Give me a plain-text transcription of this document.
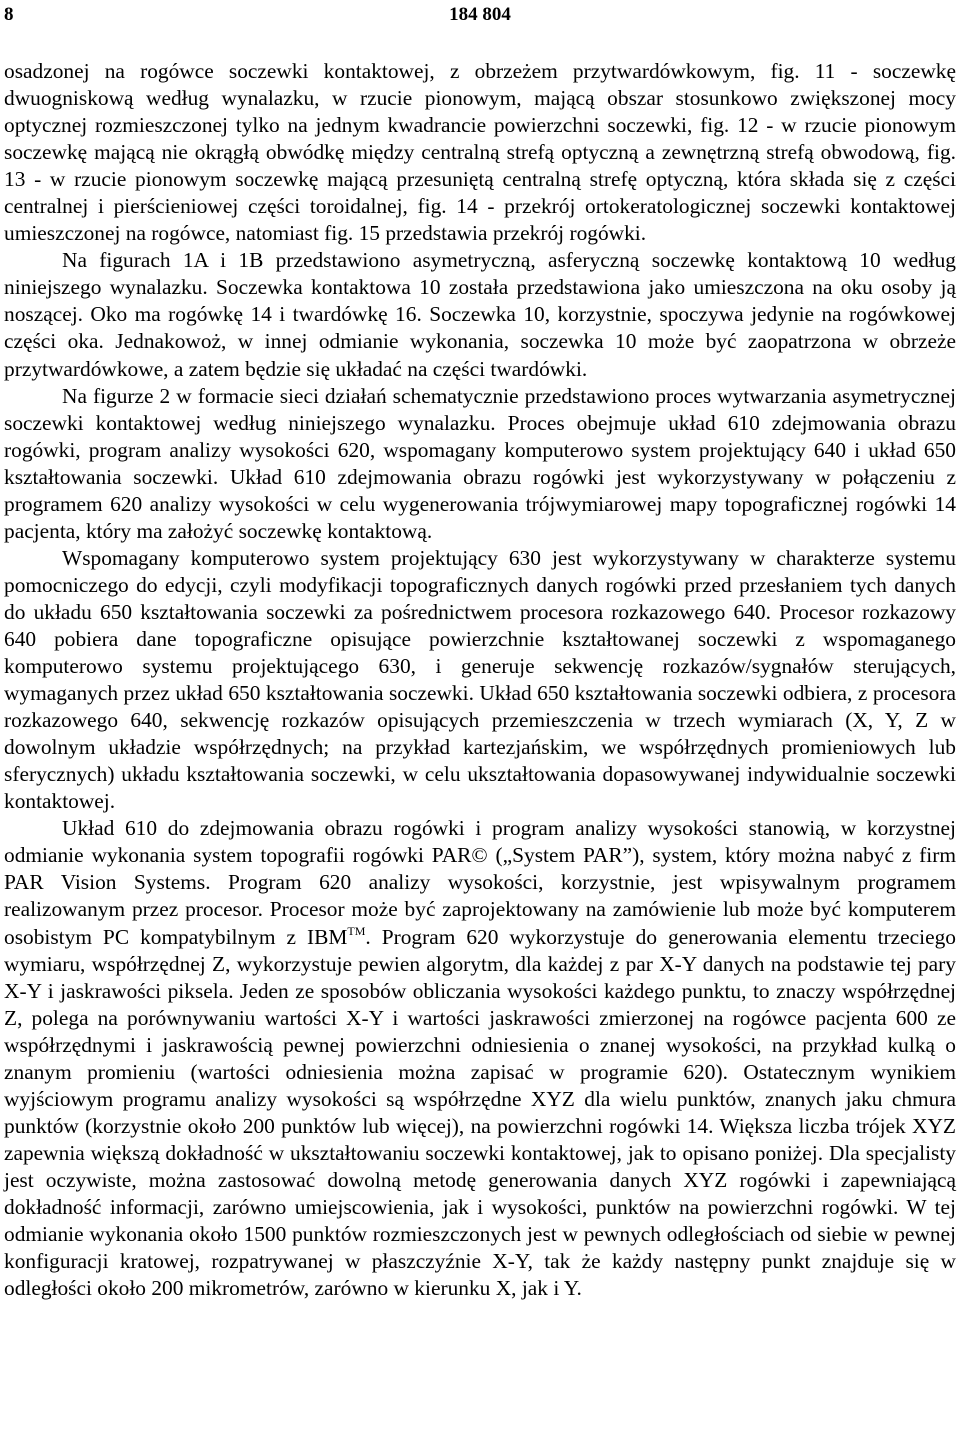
8	184 804

osadzonej na rogówce soczewki kontaktowej, z obrzeżem przytwardówkowym, fig. 11 - soczewkę dwuogniskową według wynalazku, w rzucie pionowym, mającą obszar stosunkowo zwiększonej mocy optycznej rozmieszczonej tylko na jednym kwadrancie powierzchni soczewki, fig. 12 - w rzucie pionowym soczewkę mającą nie okrągłą obwódkę między centralną strefą optyczną a zewnętrzną strefą obwodową, fig. 13 - w rzucie pionowym soczewkę mającą przesuniętą centralną strefę optyczną, która składa się z części centralnej i pierścieniowej części toroidalnej, fig. 14 - przekrój ortokeratologicznej soczewki kontaktowej umieszczonej na rogówce, natomiast fig. 15 przedstawia przekrój rogówki.

Na figurach 1A i 1B przedstawiono asymetryczną, asferyczną soczewkę kontaktową 10 według niniejszego wynalazku. Soczewka kontaktowa 10 została przedstawiona jako umieszczona na oku osoby ją noszącej. Oko ma rogówkę 14 i twardówkę 16. Soczewka 10, korzystnie, spoczywa jedynie na rogówkowej części oka. Jednakowoż, w innej odmianie wykonania, soczewka 10 może być zaopatrzona w obrzeże przytwardówkowe, a zatem będzie się układać na części twardówki.

Na figurze 2 w formacie sieci działań schematycznie przedstawiono proces wytwarzania asymetrycznej soczewki kontaktowej według niniejszego wynalazku. Proces obejmuje układ 610 zdejmowania obrazu rogówki, program analizy wysokości 620, wspomagany komputerowo system projektujący 640 i układ 650 kształtowania soczewki. Układ 610 zdejmowania obrazu rogówki jest wykorzystywany w połączeniu z programem 620 analizy wysokości w celu wygenerowania trójwymiarowej mapy topograficznej rogówki 14 pacjenta, który ma założyć soczewkę kontaktową.

Wspomagany komputerowo system projektujący 630 jest wykorzystywany w charakterze systemu pomocniczego do edycji, czyli modyfikacji topograficznych danych rogówki przed przesłaniem tych danych do układu 650 kształtowania soczewki za pośrednictwem procesora rozkazowego 640. Procesor rozkazowy 640 pobiera dane topograficzne opisujące powierzchnie kształtowanej soczewki z wspomaganego komputerowo systemu projektującego 630, i generuje sekwencję rozkazów/sygnałów sterujących, wymaganych przez układ 650 kształtowania soczewki. Układ 650 kształtowania soczewki odbiera, z procesora rozkazowego 640, sekwencję rozkazów opisujących przemieszczenia w trzech wymiarach (X, Y, Z w dowolnym układzie współrzędnych; na przykład kartezjańskim, we współrzędnych promieniowych lub sferycznych) układu kształtowania soczewki, w celu ukształtowania dopasowywanej indywidualnie soczewki kontaktowej.

Układ 610 do zdejmowania obrazu rogówki i program analizy wysokości stanowią, w korzystnej odmianie wykonania system topografii rogówki PAR© („System PAR”), system, który można nabyć z firm PAR Vision Systems. Program 620 analizy wysokości, korzystnie, jest wpisywalnym programem realizowanym przez procesor. Procesor może być zaprojektowany na zamówienie lub może być komputerem osobistym PC kompatybilnym z IBM™. Program 620 wykorzystuje do generowania elementu trzeciego wymiaru, współrzędnej Z, wykorzystuje pewien algorytm, dla każdej z par X-Y danych na podstawie tej pary X-Y i jaskrawości piksela. Jeden ze sposobów obliczania wysokości każdego punktu, to znaczy współrzędnej Z, polega na porównywaniu wartości X-Y i wartości jaskrawości zmierzonej na rogówce pacjenta 600 ze współrzędnymi i jaskrawością pewnej powierzchni odniesienia o znanej wysokości, na przykład kulką o znanym promieniu (wartości odniesienia można zapisać w programie 620). Ostatecznym wynikiem wyjściowym programu analizy wysokości są współrzędne XYZ dla wielu punktów, znanych jaku chmura punktów (korzystnie około 200 punktów lub więcej), na powierzchni rogówki 14. Większa liczba trójek XYZ zapewnia większą dokładność w ukształtowaniu soczewki kontaktowej, jak to opisano poniżej. Dla specjalisty jest oczywiste, można zastosować dowolną metodę generowania danych XYZ rogówki i zapewniającą dokładność informacji, zarówno umiejscowienia, jak i wysokości, punktów na powierzchni rogówki. W tej odmianie wykonania około 1500 punktów rozmieszczonych jest w pewnych odległościach od siebie w pewnej konfiguracji kratowej, rozpatrywanej w płaszczyźnie X-Y, tak że każdy następny punkt znajduje się w odległości około 200 mikrometrów, zarówno w kierunku X, jak i Y.
